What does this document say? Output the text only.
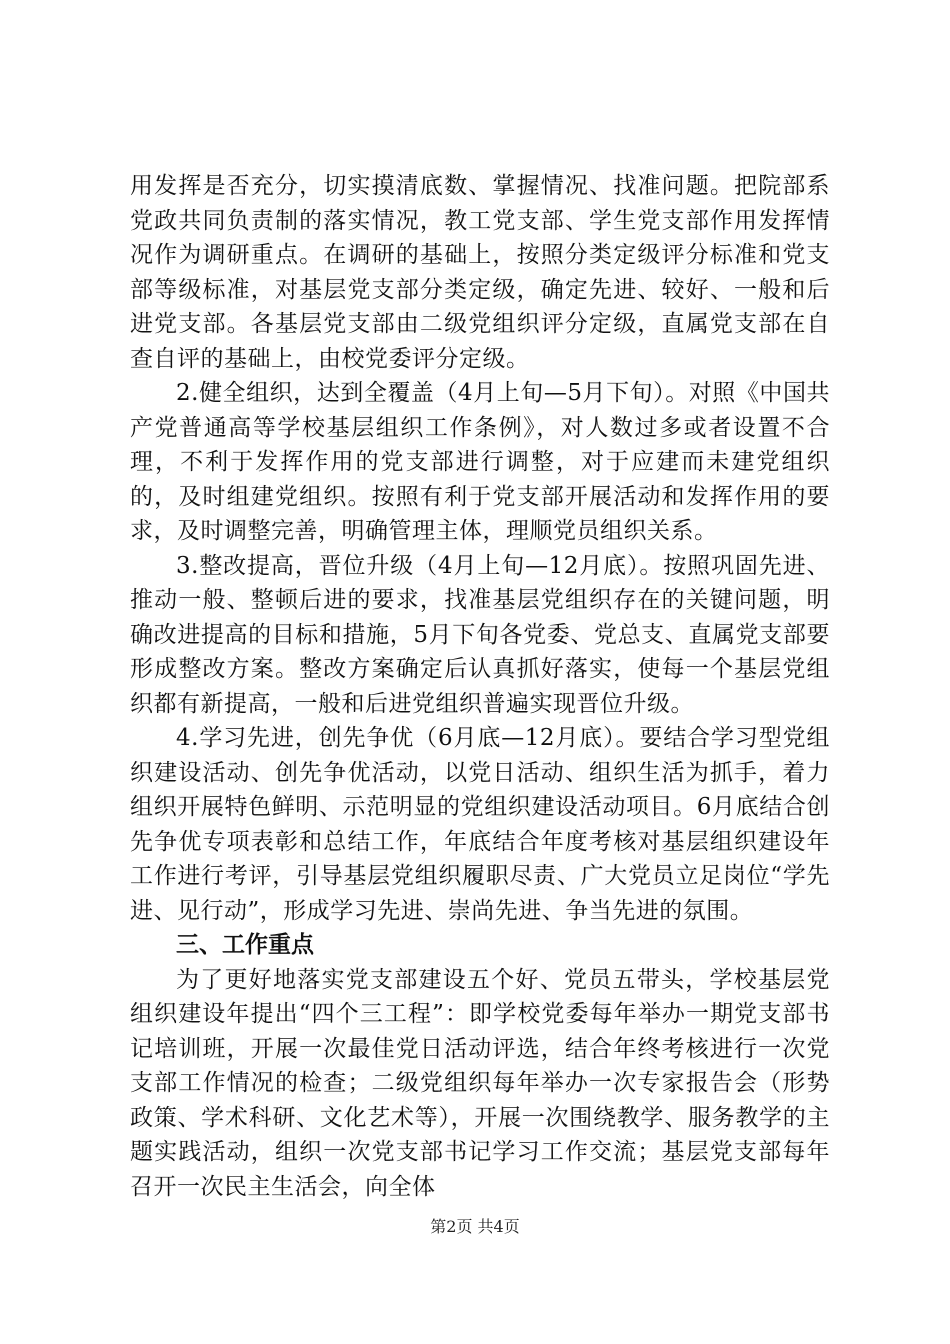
用发挥是否充分，切实摸清底数、掌握情况、找准问题。把院部系党政共同负责制的落实情况，教工党支部、学生党支部作用发挥情况作为调研重点。在调研的基础上，按照分类定级评分标准和党支部等级标准，对基层党支部分类定级，确定先进、较好、一般和后进党支部。各基层党支部由二级党组织评分定级，直属党支部在自查自评的基础上，由校党委评分定级。

2.健全组织，达到全覆盖（4月上旬—5月下旬）。对照《中国共产党普通高等学校基层组织工作条例》，对人数过多或者设置不合理，不利于发挥作用的党支部进行调整，对于应建而未建党组织的，及时组建党组织。按照有利于党支部开展活动和发挥作用的要求，及时调整完善，明确管理主体，理顺党员组织关系。

3.整改提高，晋位升级（4月上旬—12月底）。按照巩固先进、推动一般、整顿后进的要求，找准基层党组织存在的关键问题，明确改进提高的目标和措施，5月下旬各党委、党总支、直属党支部要形成整改方案。整改方案确定后认真抓好落实，使每一个基层党组织都有新提高，一般和后进党组织普遍实现晋位升级。

4.学习先进，创先争优（6月底—12月底）。要结合学习型党组织建设活动、创先争优活动，以党日活动、组织生活为抓手，着力组织开展特色鲜明、示范明显的党组织建设活动项目。6月底结合创先争优专项表彰和总结工作，年底结合年度考核对基层组织建设年工作进行考评，引导基层党组织履职尽责、广大党员立足岗位“学先进、见行动”，形成学习先进、崇尚先进、争当先进的氛围。

三、工作重点

为了更好地落实党支部建设五个好、党员五带头，学校基层党组织建设年提出“四个三工程”：即学校党委每年举办一期党支部书记培训班，开展一次最佳党日活动评选，结合年终考核进行一次党支部工作情况的检查；二级党组织每年举办一次专家报告会（形势政策、学术科研、文化艺术等），开展一次围绕教学、服务教学的主题实践活动，组织一次党支部书记学习工作交流；基层党支部每年召开一次民主生活会，向全体

第2页 共4页
